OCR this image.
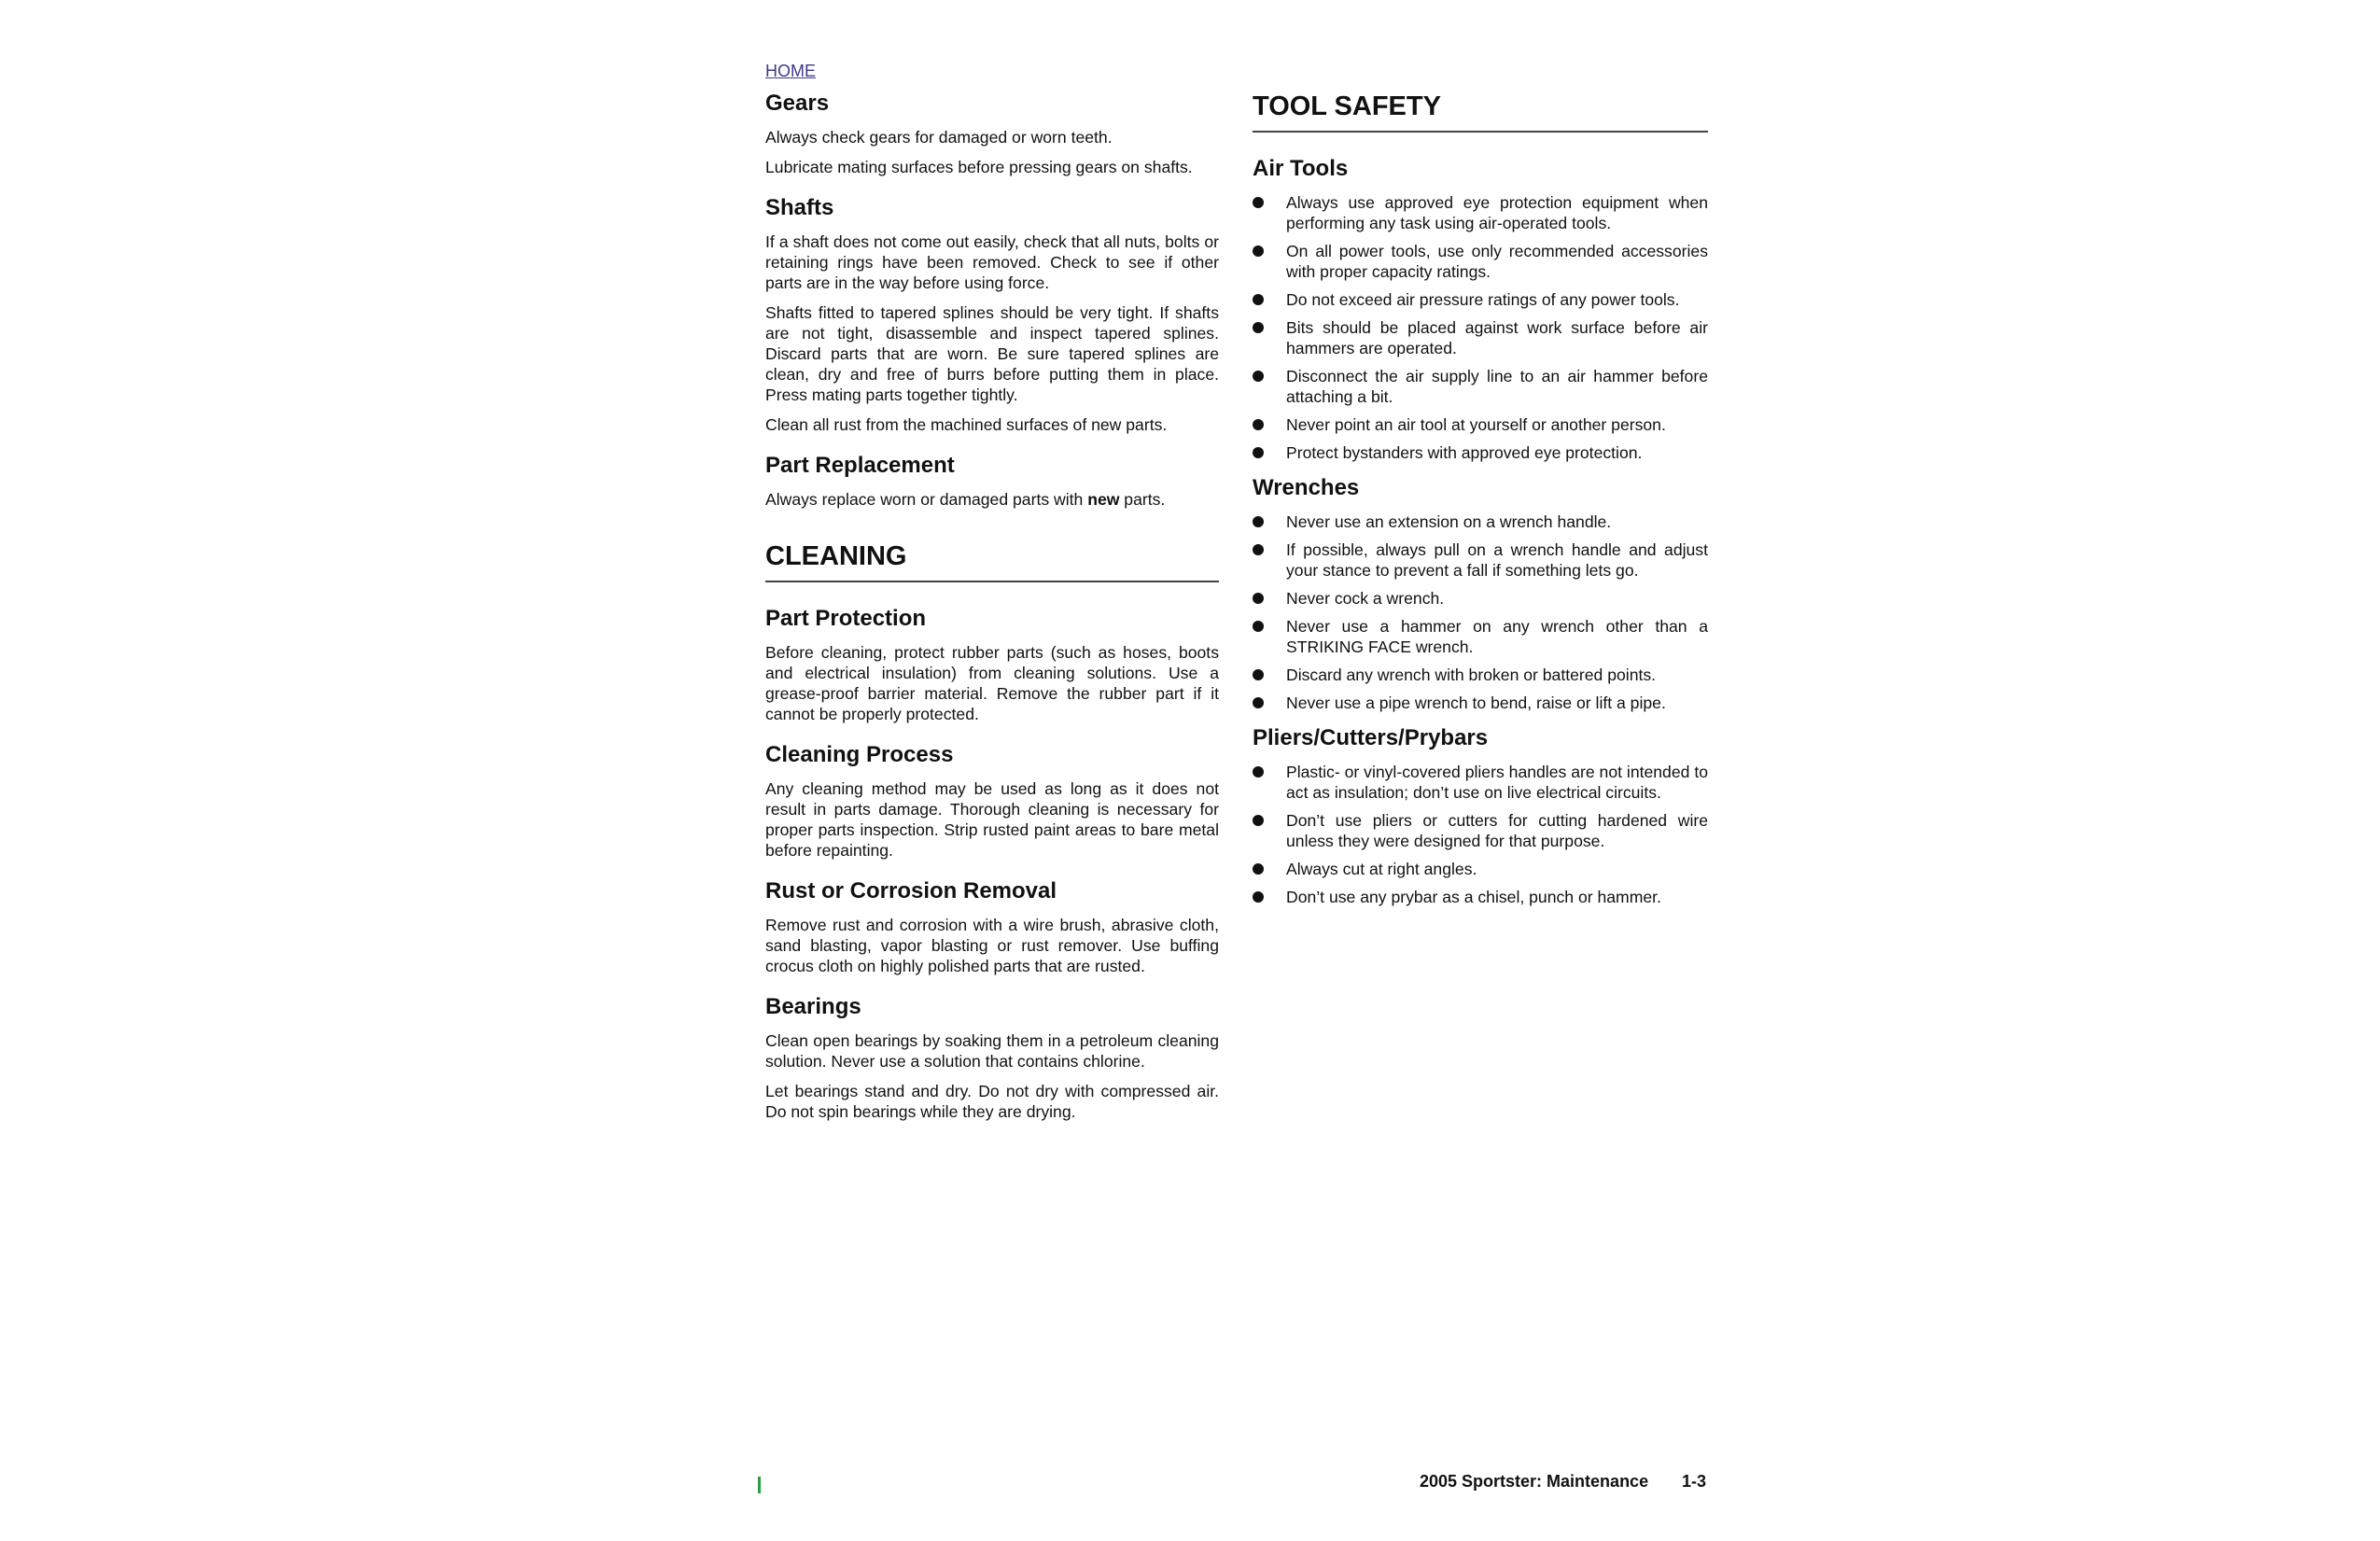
HOME
Gears

Always check gears for damaged or worn teeth.

Lubricate mating surfaces before pressing gears on shafts.

Shafts

If a shaft does not come out easily, check that all nuts, bolts or retaining rings have been removed. Check to see if other parts are in the way before using force.

Shafts fitted to tapered splines should be very tight. If shafts are not tight, disassemble and inspect tapered splines. Discard parts that are worn. Be sure tapered splines are clean, dry and free of burrs before putting them in place. Press mating parts together tightly.

Clean all rust from the machined surfaces of new parts.

Part Replacement

Always replace worn or damaged parts with new parts.

CLEANING
Part Protection

Before cleaning, protect rubber parts (such as hoses, boots and electrical insulation) from cleaning solutions. Use a grease-proof barrier material. Remove the rubber part if it cannot be properly protected.

Cleaning Process

Any cleaning method may be used as long as it does not result in parts damage. Thorough cleaning is necessary for proper parts inspection. Strip rusted paint areas to bare metal before repainting.

Rust or Corrosion Removal

Remove rust and corrosion with a wire brush, abrasive cloth, sand blasting, vapor blasting or rust remover. Use buffing crocus cloth on highly polished parts that are rusted.

Bearings

Clean open bearings by soaking them in a petroleum cleaning solution. Never use a solution that contains chlorine.

Let bearings stand and dry. Do not dry with compressed air. Do not spin bearings while they are drying.

TOOL SAFETY
Air Tools
Always use approved eye protection equipment when performing any task using air-operated tools.
On all power tools, use only recommended accessories with proper capacity ratings.
Do not exceed air pressure ratings of any power tools.
Bits should be placed against work surface before air hammers are operated.
Disconnect the air supply line to an air hammer before attaching a bit.
Never point an air tool at yourself or another person.
Protect bystanders with approved eye protection.
Wrenches
Never use an extension on a wrench handle.
If possible, always pull on a wrench handle and adjust your stance to prevent a fall if something lets go.
Never cock a wrench.
Never use a hammer on any wrench other than a STRIKING FACE wrench.
Discard any wrench with broken or battered points.
Never use a pipe wrench to bend, raise or lift a pipe.
Pliers/Cutters/Prybars
Plastic- or vinyl-covered pliers handles are not intended to act as insulation; don’t use on live electrical circuits.
Don’t use pliers or cutters for cutting hardened wire unless they were designed for that purpose.
Always cut at right angles.
Don’t use any prybar as a chisel, punch or hammer.
2005 Sportster: Maintenance 1-3
